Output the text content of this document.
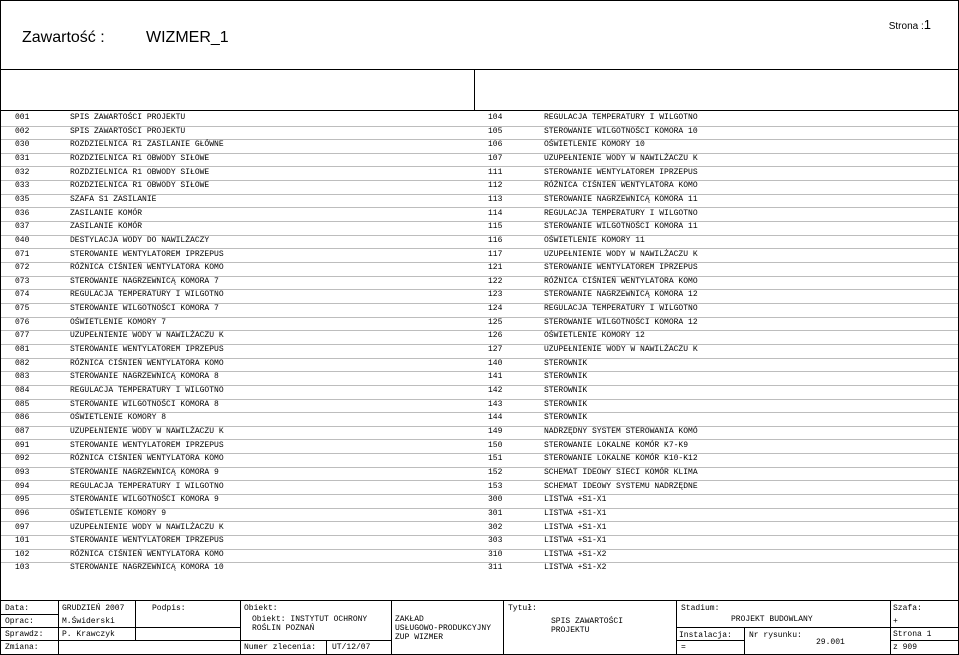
Zawartość :	WIZMER_1
Strona :1
001	SPIS ZAWARTOŚCI PROJEKTU	104	REGULACJA TEMPERATURY I WILGOTNO
002	SPIS ZAWARTOŚCI PROJEKTU	105	STEROWANIE WILGOTNOŚCI KOMORA 10
030	ROZDZIELNICA R1 ZASILANIE GŁÓWNE	106	OŚWIETLENIE KOMORY 10
031	ROZDZIELNICA R1 OBWODY SIŁOWE	107	UZUPEŁNIENIE WODY W NAWILŻACZU K
032	ROZDZIELNICA R1 OBWODY SIŁOWE	111	STEROWANIE WENTYLATOREM IPRZEPUS
033	ROZDZIELNICA R1 OBWODY SIŁOWE	112	RÓŻNICA CIŚNIEŃ WENTYLATORA KOMO
035	SZAFA S1 ZASILANIE	113	STEROWANIE NAGRZEWNICĄ KOMORA 11
036	ZASILANIE KOMÓR	114	REGULACJA TEMPERATURY I WILGOTNO
037	ZASILANIE KOMÓR	115	STEROWANIE WILGOTNOŚCI KOMORA 11
040	DESTYLACJA WODY DO NAWILŻACZY	116	OŚWIETLENIE KOMORY 11
071	STEROWANIE WENTYLATOREM IPRZEPUS	117	UZUPEŁNIENIE WODY W NAWILŻACZU K
072	RÓŻNICA CIŚNIEŃ WENTYLATORA KOMO	121	STEROWANIE WENTYLATOREM IPRZEPUS
073	STEROWANIE NAGRZEWNICĄ KOMORA 7	122	RÓŻNICA CIŚNIEŃ WENTYLATORA KOMO
074	REGULACJA TEMPERATURY I WILGOTNO	123	STEROWANIE NAGRZEWNICĄ KOMORA 12
075	STEROWANIE WILGOTNOŚCI KOMORA 7	124	REGULACJA TEMPERATURY I WILGOTNO
076	OŚWIETLENIE KOMORY 7	125	STEROWANIE WILGOTNOŚCI KOMORA 12
077	UZUPEŁNIENIE WODY W NAWILŻACZU K	126	OŚWIETLENIE KOMORY 12
081	STEROWANIE WENTYLATOREM IPRZEPUS	127	UZUPEŁNIENIE WODY W NAWILŻACZU K
082	RÓŻNICA CIŚNIEŃ WENTYLATORA KOMO	140	STEROWNIK
083	STEROWANIE NAGRZEWNICĄ KOMORA 8	141	STEROWNIK
084	REGULACJA TEMPERATURY I WILGOTNO	142	STEROWNIK
085	STEROWANIE WILGOTNOŚCI KOMORA 8	143	STEROWNIK
086	OŚWIETLENIE KOMORY 8	144	STEROWNIK
087	UZUPEŁNIENIE WODY W NAWILŻACZU K	149	NADRZĘDNY SYSTEM STEROWANIA KOMÓ
091	STEROWANIE WENTYLATOREM IPRZEPUS	150	STEROWANIE LOKALNE KOMÓR K7-K9
092	RÓŻNICA CIŚNIEŃ WENTYLATORA KOMO	151	STEROWANIE LOKALNE KOMÓR K10-K12
093	STEROWANIE NAGRZEWNICĄ KOMORA 9	152	SCHEMAT IDEOWY SIECI KOMÓR KLIMA
094	REGULACJA TEMPERATURY I WILGOTNO	153	SCHEMAT IDEOWY SYSTEMU NADRZĘDNE
095	STEROWANIE WILGOTNOŚCI KOMORA 9	300	LISTWA +S1-X1
096	OŚWIETLENIE KOMORY 9	301	LISTWA +S1-X1
097	UZUPEŁNIENIE WODY W NAWILŻACZU K	302	LISTWA +S1-X1
101	STEROWANIE WENTYLATOREM IPRZEPUS	303	LISTWA +S1-X1
102	RÓŻNICA CIŚNIEŃ WENTYLATORA KOMO	310	LISTWA +S1-X2
103	STEROWANIE NAGRZEWNICĄ KOMORA 10	311	LISTWA +S1-X2
Data:	GRUDZIEŃ 2007	Podpis:
Oprac:	M.Świderski
Sprawdz: P. Krawczyk
Zmiana:
Obiekt:
Obiekt: INSTYTUT OCHRONY
ROŚLIN POZNAŃ
Numer zlecenia: UT/12/07
ZAKŁAD
USŁUGOWO-PRODUKCYJNY
ZUP WIZMER
Tytuł:
SPIS ZAWARTOŚCI
PROJEKTU
Stadium:
PROJEKT BUDOWLANY
Instalacja:
=
Nr rysunku:
29.001
Szafa:
+
Strona 1
z 909
